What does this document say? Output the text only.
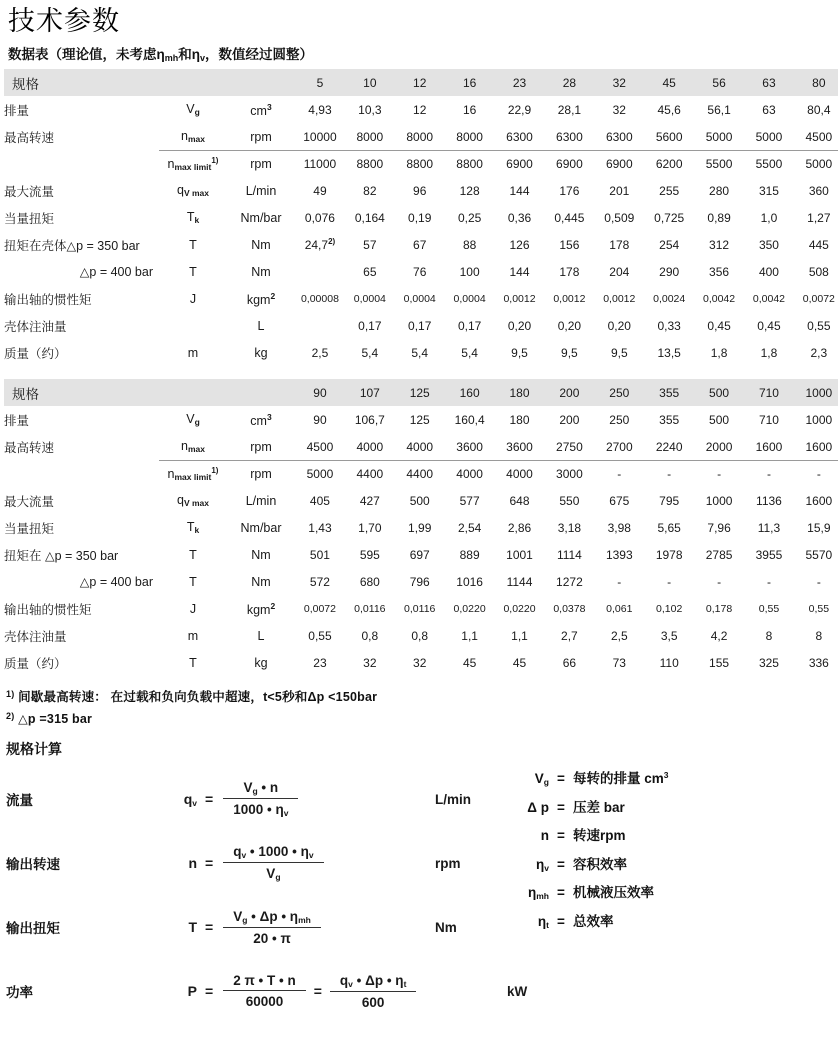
技术参数
数据表（理论值，未考虑ηmh和ηv，数值经过圆整）
规格			5	10	12	16	23	28	32	45	56	63	80
排量	$V_g$	$cm^3$	4,93	10,3	12	16	22,9	28,1	32	45,6	56,1	63	80,4
最高转速	$n_{max}$	rpm	10000	8000	8000	8000	6300	6300	6300	5600	5000	5000	4500
	$n_{max limit}^{1)}$	rpm	11000	8800	8800	8800	6900	6900	6900	6200	5500	5500	5000
最大流量	$q_{V max}$	L/min	49	82	96	128	144	176	201	255	280	315	360
当量扭矩	$T_k$	Nm/bar	0,076	0,164	0,19	0,25	0,36	0,445	0,509	0,725	0,89	1,0	1,27
扭矩在壳体△p = 350 bar	T	Nm	24,7$^{2)}$	57	67	88	126	156	178	254	312	350	445
△p = 400 bar	T	Nm		65	76	100	144	178	204	290	356	400	508
输出轴的惯性矩	J	kgm$^2$	0,00008	0,0004	0,0004	0,0004	0,0012	0,0012	0,0012	0,0024	0,0042	0,0042	0,0072
壳体注油量		L		0,17	0,17	0,17	0,20	0,20	0,20	0,33	0,45	0,45	0,55
质量（约）	m	kg	2,5	5,4	5,4	5,4	9,5	9,5	9,5	13,5	1,8	1,8	2,3
规格			90	107	125	160	180	200	250	355	500	710	1000
排量	$V_g$	$cm^3$	90	106,7	125	160,4	180	200	250	355	500	710	1000
最高转速	$n_{max}$	rpm	4500	4000	4000	3600	3600	2750	2700	2240	2000	1600	1600
	$n_{max limit}^{1)}$	rpm	5000	4400	4400	4000	4000	3000	-	-	-	-	-
最大流量	$q_{V max}$	L/min	405	427	500	577	648	550	675	795	1000	1136	1600
当量扭矩	$T_k$	Nm/bar	1,43	1,70	1,99	2,54	2,86	3,18	3,98	5,65	7,96	11,3	15,9
扭矩在 △p = 350 bar	T	Nm	501	595	697	889	1001	1114	1393	1978	2785	3955	5570
△p = 400 bar	T	Nm	572	680	796	1016	1144	1272	-	-	-	-	-
输出轴的惯性矩	J	kgm$^2$	0,0072	0,0116	0,0116	0,0220	0,0220	0,0378	0,061	0,102	0,178	0,55	0,55
壳体注油量	m	L	0,55	0,8	0,8	1,1	1,1	2,7	2,5	3,5	4,2	8	8
质量（约）	T	kg	23	32	32	45	45	66	73	110	155	325	336
$^{1)}$ 间歇最高转速： 在过载和负向负载中超速，t<5秒和Δp <150bar
$^{2)}$ △p =315 bar
规格计算
流量	$q_v = \frac{V_g • n}{1000 • \eta_v}$	L/min
输出转速	$n = \frac{q_v • 1000 • \eta_v}{V_g}$	rpm
输出扭矩	$T = \frac{V_g • \Delta p • \eta_{mh}}{20 • \pi}$	Nm
功率	$P = \frac{2 \pi • T • n}{60000} = \frac{q_v • \Delta p • \eta_t}{600}$	kW
$V_g$ = 每转的排量 $cm^3$
Δ p = 压差 bar
n = 转速rpm
$\eta_v$ = 容积效率
$\eta_{mh}$ = 机械液压效率
$\eta_t$ = 总效率
